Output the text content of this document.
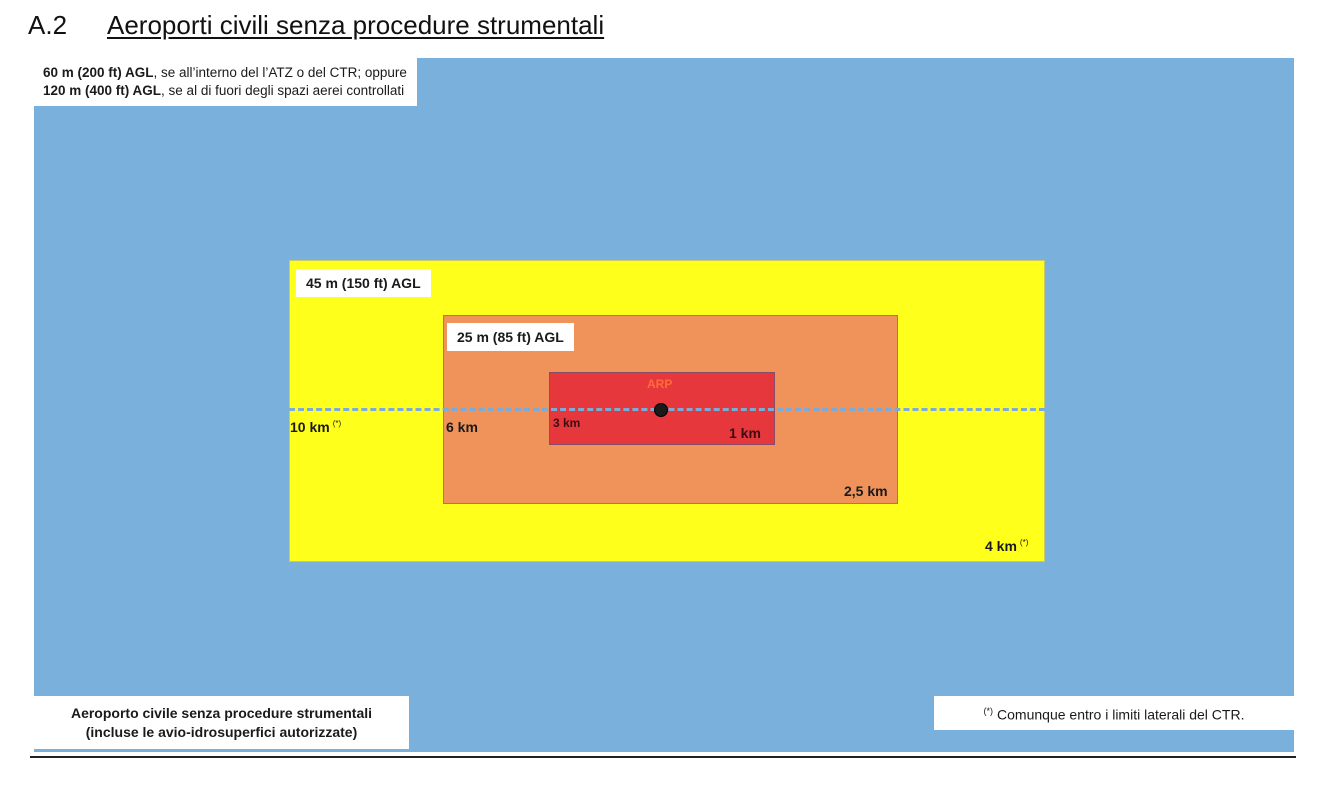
A.2 Aeroporti civili senza procedure strumentali
60 m (200 ft) AGL, se all’interno del l’ATZ o del CTR; oppure
120 m (400 ft) AGL, se al di fuori degli spazi aerei controllati
45 m (150 ft) AGL
25 m (85 ft) AGL
ARP
10 km (*)	6 km	3 km
1 km
2,5 km
4 km (*)
Aeroporto civile senza procedure strumentali
(incluse le avio-idrosuperfici autorizzate)
(*) Comunque entro i limiti laterali del CTR.
